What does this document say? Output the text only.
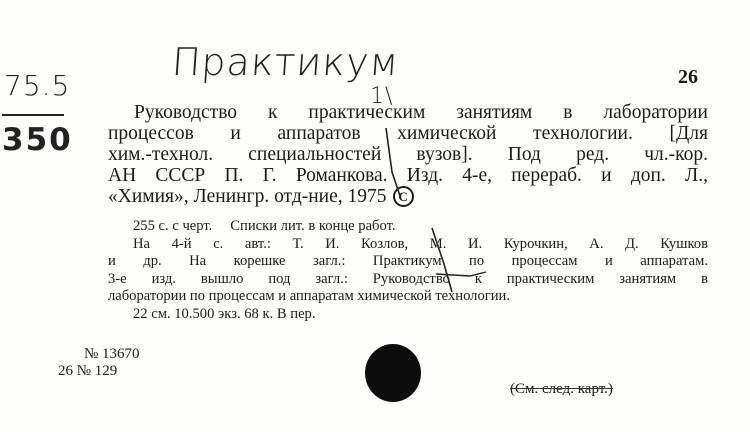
Практикум
75.5
350
1\
26
Руководство к практическим занятиям в лаборатории
процессов и аппаратов химической технологии. [Для
хим.-технол. специальностей вузов]. Под ред. чл.-кор.
АН СССР П. Г. Романкова. Изд. 4-е, перераб. и доп. Л.,
«Химия», Ленингр. отд-ние, 1975 С
255 с. с черт. Списки лит. в конце работ.
На 4-й с. авт.: Т. И. Козлов, М. И. Курочкин, А. Д. Кушков
и др. На корешке загл.: Практикум по процессам и аппаратам.
3-е изд. вышло под загл.: Руководство к практическим занятиям в
лаборатории по процессам и аппаратам химической технологии.
22 см. 10.500 экз. 68 к. В пер.
№ 13670
26 № 129
(См. след. карт.)
